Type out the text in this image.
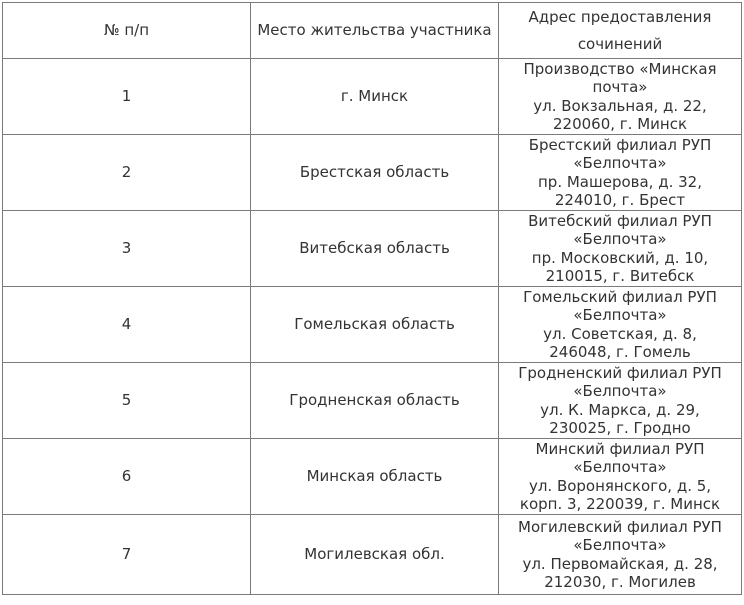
№ п/п	Место жительства участника	Адрес предоставления сочинений
1	г. Минск	Производство «Минская
почта»
ул. Вокзальная, д. 22,
220060, г. Минск

2	Брестская область	Брестский филиал РУП
«Белпочта»
пр. Машерова, д. 32,
224010, г. Брест

3	Витебская область	Витебский филиал РУП
«Белпочта»
пр. Московский, д. 10,
210015, г. Витебск

4	Гомельская область	Гомельский филиал РУП
«Белпочта»
ул. Советская, д. 8,
246048, г. Гомель

5	Гродненская область	Гродненский филиал РУП
«Белпочта»
ул. К. Маркса, д. 29,
230025, г. Гродно

6	Минская область	Минский филиал РУП
«Белпочта»
ул. Воронянского, д. 5,
корп. 3, 220039, г. Минск

7	Могилевская обл.	Могилевский филиал РУП
«Белпочта»
ул. Первомайская, д. 28,
212030, г. Могилев
